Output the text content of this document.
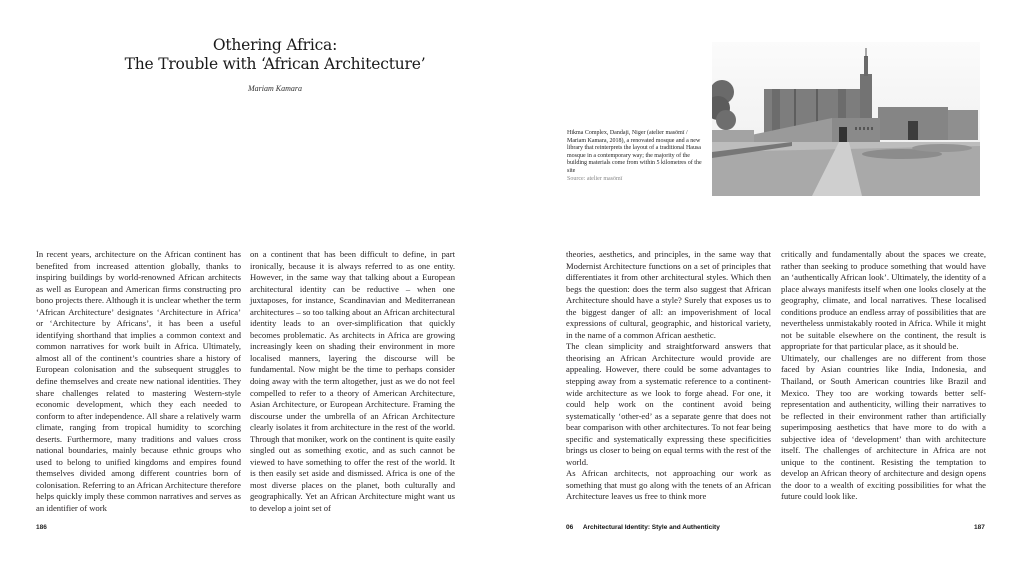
Othering Africa:
The Trouble with ‘African Architecture’
Mariam Kamara

In recent years, architecture on the African continent has benefited from increased attention globally, thanks to inspiring buildings by world-renowned African architects as well as European and American firms constructing pro bono projects there. Although it is unclear whether the term ‘African Architecture’ designates ‘Architecture in Africa’ or ‘Architecture by Africans’, it has been a useful identifying shorthand that implies a common context and common narratives for work built in Africa. Ultimately, almost all of the continent’s countries share a history of European colonisation and the subsequent struggles to define themselves and create new national identities. They share challenges related to mastering Western-style economic development, which they each needed to conform to after independence. All share a relatively warm climate, ranging from tropical humidity to scorching deserts. Furthermore, many traditions and values cross national boundaries, mainly because ethnic groups who used to belong to unified kingdoms and empires found themselves divided among different countries born of colonisation. Referring to an African Architecture therefore helps quickly imply these common narratives and serves as an identifier of work

on a continent that has been difficult to define, in part ironically, because it is always referred to as one entity. However, in the same way that talking about a European architectural identity can be reductive – when one juxtaposes, for instance, Scandinavian and Mediterranean architectures – so too talking about an African architectural identity leads to an over-simplification that quickly becomes problematic. As architects in Africa are growing increasingly keen on shading their environment in more localised manners, layering the discourse will be fundamental. Now might be the time to perhaps consider doing away with the term altogether, just as we do not feel compelled to refer to a theory of American Architecture, Asian Architecture, or European Architecture. Framing the discourse under the umbrella of an African Architecture clearly isolates it from architecture in the rest of the world. Through that moniker, work on the continent is quite easily singled out as something exotic, and as such cannot be viewed to have something to offer the rest of the world. It is then easily set aside and dismissed. Africa is one of the most diverse places on the planet, both culturally and geographically. Yet an African Architecture might want us to develop a joint set of

theories, aesthetics, and principles, in the same way that Modernist Architecture functions on a set of principles that differentiates it from other architectural styles. Which then begs the question: does the term also suggest that African Architecture should have a style? Surely that exposes us to the biggest danger of all: an impoverishment of local expressions of cultural, geographic, and historical variety, in the name of a common African aesthetic.

The clean simplicity and straightforward answers that theorising an African Architecture would provide are appealing. However, there could be some advantages to stepping away from a systematic reference to a continent-wide architecture as we look to forge ahead. For one, it could help work on the continent avoid being systematically ‘other-ed’ as a separate genre that does not bear comparison with other architectures. To not fear being specific and systematically expressing these specificities brings us closer to being on equal terms with the rest of the world.

As African architects, not approaching our work as something that must go along with the tenets of an African Architecture leaves us free to think more

critically and fundamentally about the spaces we create, rather than seeking to produce something that would have an ‘authentically African look’. Ultimately, the identity of a place always manifests itself when one looks closely at the geography, climate, and local narratives. These localised conditions produce an endless array of possibilities that are nevertheless unmistakably rooted in Africa. While it might not be suitable elsewhere on the continent, the result is appropriate for that particular place, as it should be.

Ultimately, our challenges are no different from those faced by Asian countries like India, Indonesia, and Thailand, or South American countries like Brazil and Mexico. They too are working towards better self-representation and authenticity, willing their narratives to be reflected in their environment rather than artificially superimposing aesthetics that have more to do with a subjective idea of ‘development’ than with architecture itself. The challenges of architecture in Africa are not unique to the continent. Resisting the temptation to develop an African theory of architecture and design opens the door to a wealth of exciting possibilities for what the future could look like.

Hikma Complex, Dandaji, Niger (atelier masōmī / Mariam Kamara, 2018), a renovated mosque and a new library that reinterprets the layout of a traditional Hausa mosque in a contemporary way; the majority of the building materials come from within 5 kilometres of the site
Source: atelier masōmī
186	06 Architectural Identity: Style and Authenticity	187
